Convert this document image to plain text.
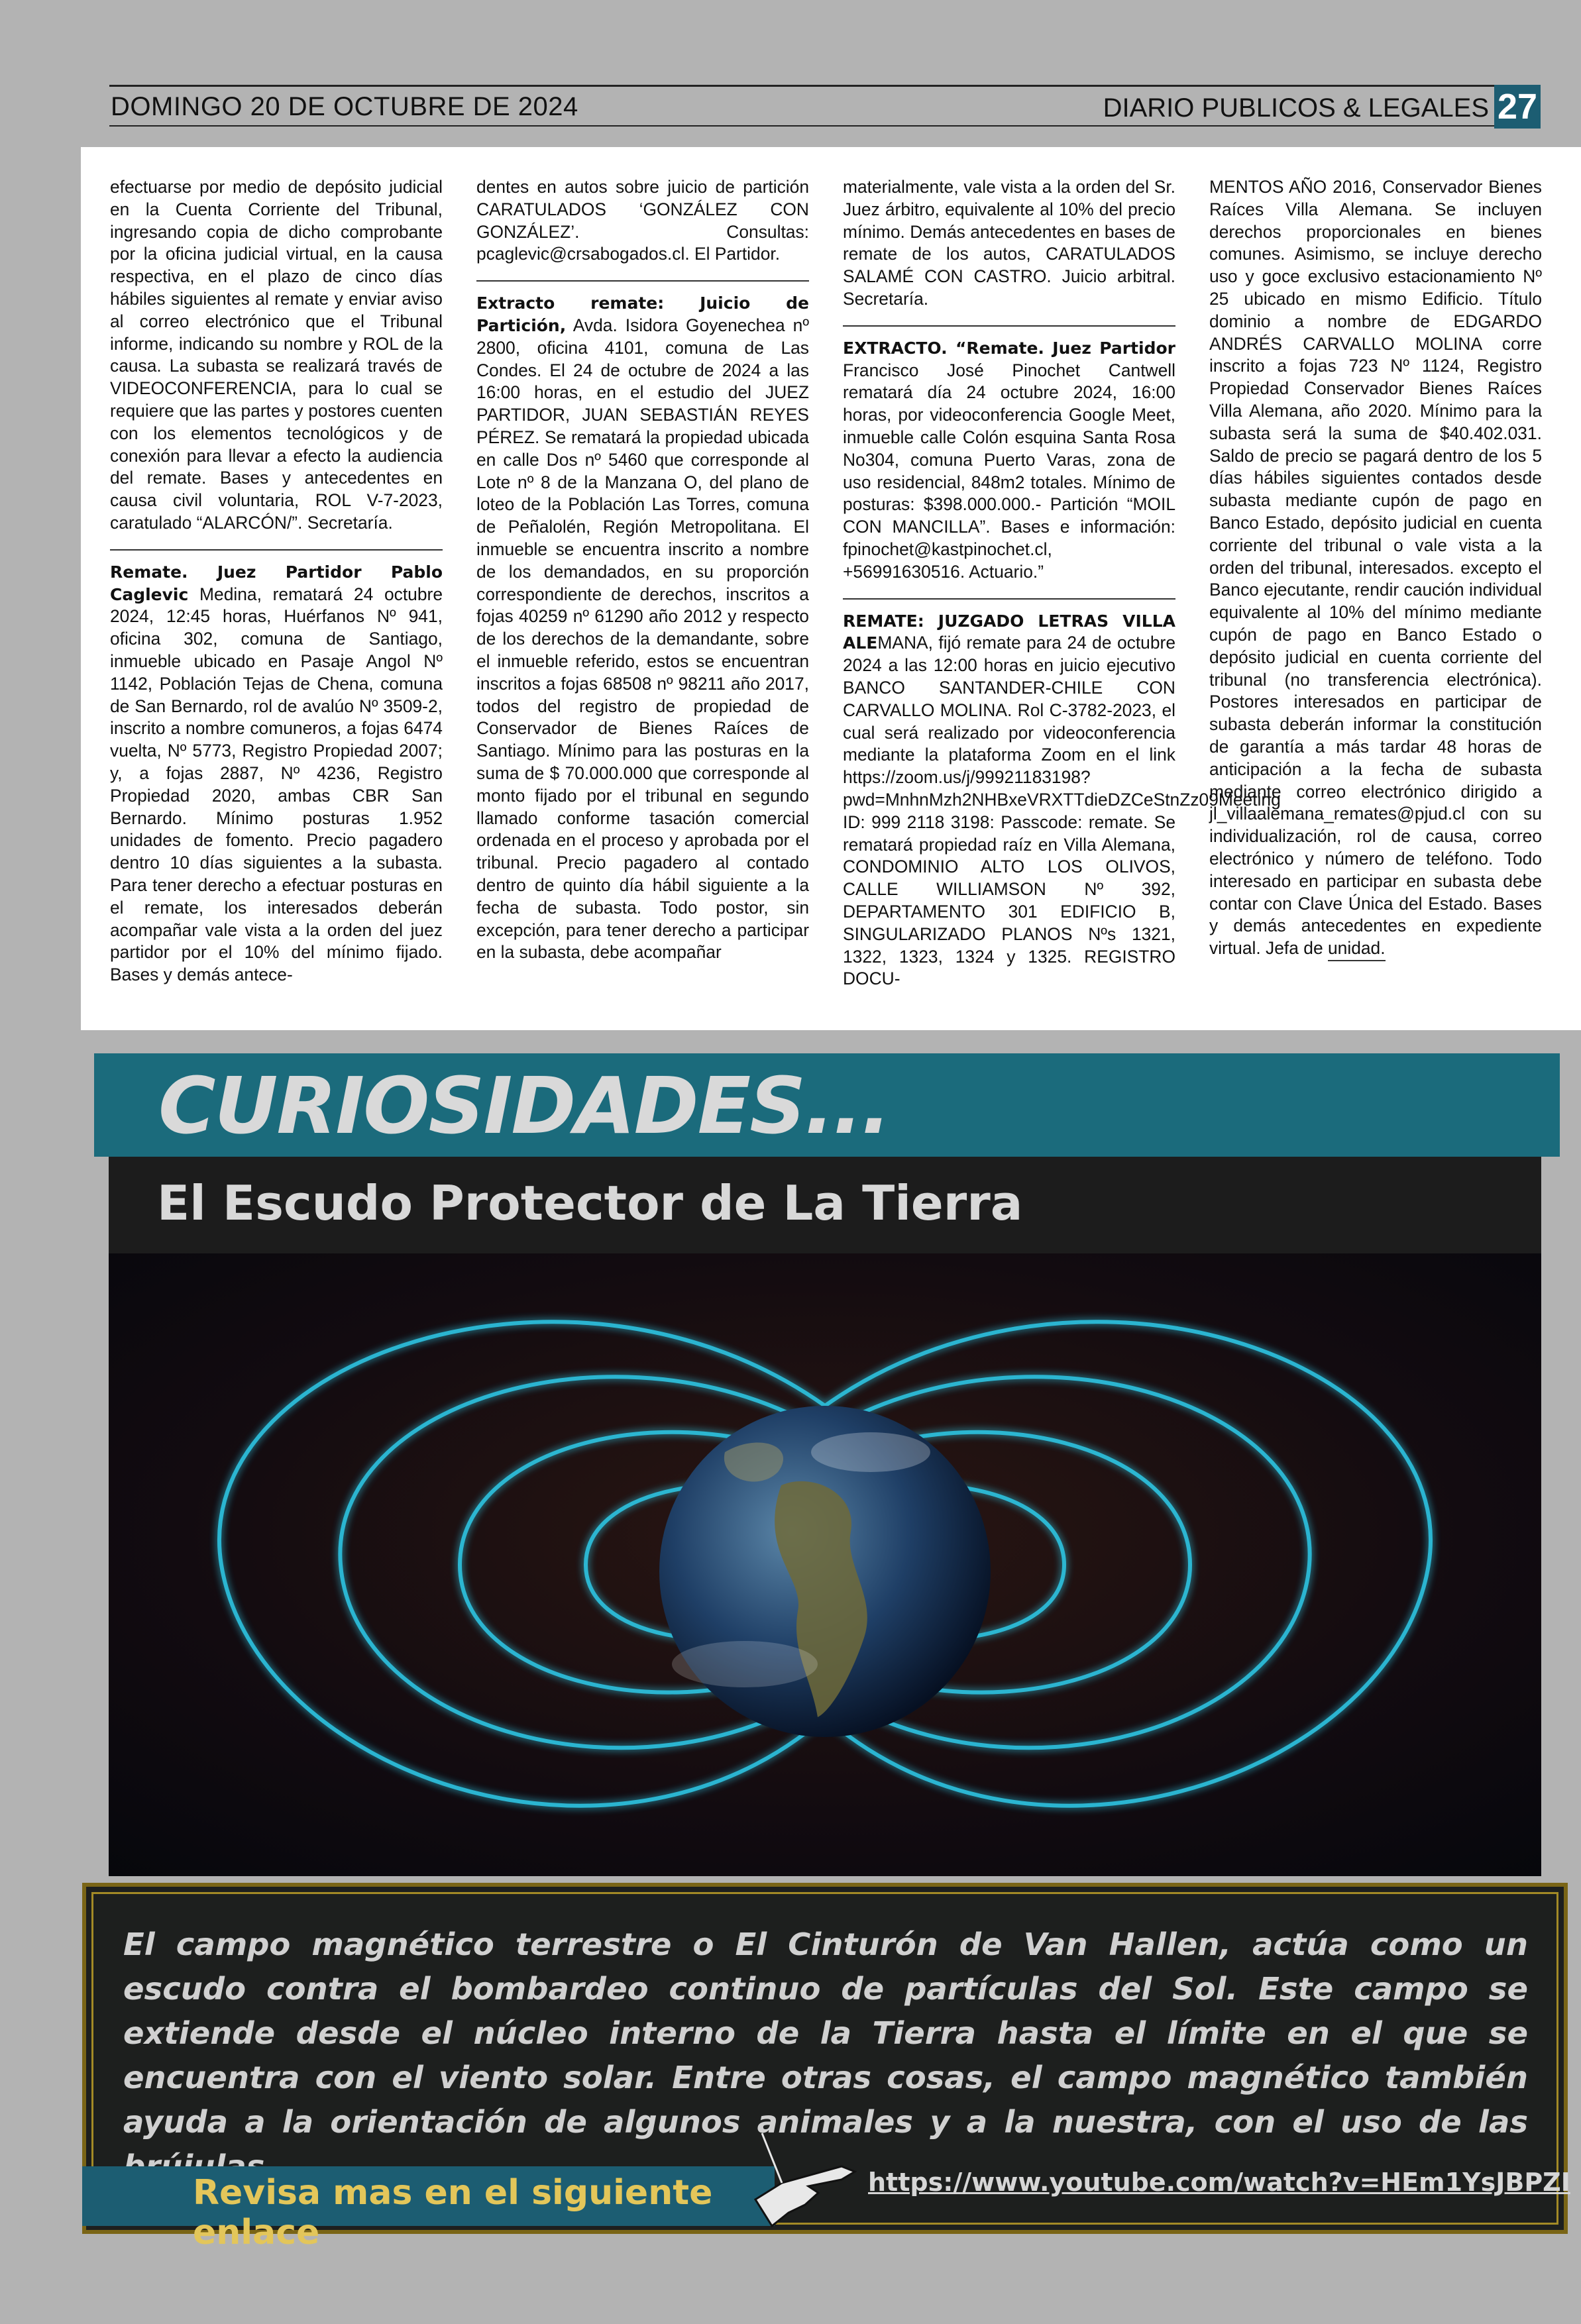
DOMINGO 20 DE OCTUBRE DE 2024	DIARIO PUBLICOS & LEGALES 27

efectuarse por medio de depósito judicial en la Cuenta Corriente del Tribunal, ingresando copia de dicho comprobante por la oficina judicial virtual, en la causa respectiva, en el plazo de cinco días hábiles siguientes al remate y enviar aviso al correo electrónico que el Tribunal informe, indicando su nombre y ROL de la causa. La subasta se realizará través de VIDEOCONFERENCIA, para lo cual se requiere que las partes y postores cuenten con los elementos tecnológicos y de conexión para llevar a efecto la audiencia del remate. Bases y antecedentes en causa civil voluntaria, ROL V-7-2023, caratulado “ALARCÓN/”. Secretaría.

Remate. Juez Partidor Pablo Caglevic Medina, rematará 24 octubre 2024, 12:45 horas, Huérfanos Nº 941, oficina 302, comuna de Santiago, inmueble ubicado en Pasaje Angol Nº 1142, Población Tejas de Chena, comuna de San Bernardo, rol de avalúo Nº 3509-2, inscrito a nombre comuneros, a fojas 6474 vuelta, Nº 5773, Registro Propiedad 2007; y, a fojas 2887, Nº 4236, Registro Propiedad 2020, ambas CBR San Bernardo. Mínimo posturas 1.952 unidades de fomento. Precio pagadero dentro 10 días siguientes a la subasta. Para tener derecho a efectuar posturas en el remate, los interesados deberán acompañar vale vista a la orden del juez partidor por el 10% del mínimo fijado. Bases y demás antece-

dentes en autos sobre juicio de partición CARATULADOS ‘GONZÁLEZ CON GONZÁLEZ’. Consultas: pcaglevic@crsabogados.cl. El Partidor.

Extracto remate: Juicio de Partición, Avda. Isidora Goyenechea nº 2800, oficina 4101, comuna de Las Condes. El 24 de octubre de 2024 a las 16:00 horas, en el estudio del JUEZ PARTIDOR, JUAN SEBASTIÁN REYES PÉREZ. Se rematará la propiedad ubicada en calle Dos nº 5460 que corresponde al Lote nº 8 de la Manzana O, del plano de loteo de la Población Las Torres, comuna de Peñalolén, Región Metropolitana. El inmueble se encuentra inscrito a nombre de los demandados, en su proporción correspondiente de derechos, inscritos a fojas 40259 nº 61290 año 2012 y respecto de los derechos de la demandante, sobre el inmueble referido, estos se encuentran inscritos a fojas 68508 nº 98211 año 2017, todos del registro de propiedad de Conservador de Bienes Raíces de Santiago. Mínimo para las posturas en la suma de $ 70.000.000 que corresponde al monto fijado por el tribunal en segundo llamado conforme tasación comercial ordenada en el proceso y aprobada por el tribunal. Precio pagadero al contado dentro de quinto día hábil siguiente a la fecha de subasta. Todo postor, sin excepción, para tener derecho a participar en la subasta, debe acompañar

materialmente, vale vista a la orden del Sr. Juez árbitro, equivalente al 10% del precio mínimo. Demás antecedentes en bases de remate de los autos, CARATULADOS SALAMÉ CON CASTRO. Juicio arbitral. Secretaría.

EXTRACTO. “Remate. Juez Partidor Francisco José Pinochet Cantwell rematará día 24 octubre 2024, 16:00 horas, por videoconferencia Google Meet, inmueble calle Colón esquina Santa Rosa No304, comuna Puerto Varas, zona de uso residencial, 848m2 totales. Mínimo de posturas: $398.000.000.- Partición “MOIL CON MANCILLA”. Bases e información: fpinochet@kastpinochet.cl, +56991630516. Actuario.”

REMATE: JUZGADO LETRAS VILLA ALEMANA, fijó remate para 24 de octubre 2024 a las 12:00 horas en juicio ejecutivo BANCO SANTANDER-CHILE CON CARVALLO MOLINA. Rol C-3782-2023, el cual será realizado por videoconferencia mediante la plataforma Zoom en el link https://zoom.us/j/99921183198?pwd=MnhnMzh2NHBxeVRXTTdieDZCeStnZz09Meeting ID: 999 2118 3198: Passcode: remate. Se rematará propiedad raíz en Villa Alemana, CONDOMINIO ALTO LOS OLIVOS, CALLE WILLIAMSON Nº 392, DEPARTAMENTO 301 EDIFICIO B, SINGULARIZADO PLANOS Nºs 1321, 1322, 1323, 1324 y 1325. REGISTRO DOCU-

MENTOS AÑO 2016, Conservador Bienes Raíces Villa Alemana. Se incluyen derechos proporcionales en bienes comunes. Asimismo, se incluye derecho uso y goce exclusivo estacionamiento Nº 25 ubicado en mismo Edificio. Título dominio a nombre de EDGARDO ANDRÉS CARVALLO MOLINA corre inscrito a fojas 723 Nº 1124, Registro Propiedad Conservador Bienes Raíces Villa Alemana, año 2020. Mínimo para la subasta será la suma de $40.402.031. Saldo de precio se pagará dentro de los 5 días hábiles siguientes contados desde subasta mediante cupón de pago en Banco Estado, depósito judicial en cuenta corriente del tribunal o vale vista a la orden del tribunal, interesados. excepto el Banco ejecutante, rendir caución individual equivalente al 10% del mínimo mediante cupón de pago en Banco Estado o depósito judicial en cuenta corriente del tribunal (no transferencia electrónica). Postores interesados en participar de subasta deberán informar la constitución de garantía a más tardar 48 horas de anticipación a la fecha de subasta mediante correo electrónico dirigido a jl_villaalemana_remates@pjud.cl con su individualización, rol de causa, correo electrónico y número de teléfono. Todo interesado en participar en subasta debe contar con Clave Única del Estado. Bases y demás antecedentes en expediente virtual. Jefa de unidad.

CURIOSIDADES...
El Escudo Protector de La Tierra
El campo magnético terrestre o El Cinturón de Van Hallen, actúa como un escudo contra el bombardeo continuo de partículas del Sol. Este campo se extiende desde el núcleo interno de la Tierra hasta el límite en el que se encuentra con el viento solar. Entre otras cosas, el campo magnético también ayuda a la orientación de algunos animales y a la nuestra, con el uso de las
Revisa mas en el siguiente enlace
https://www.youtube.com/watch?v=HEm1YsJBPZI
